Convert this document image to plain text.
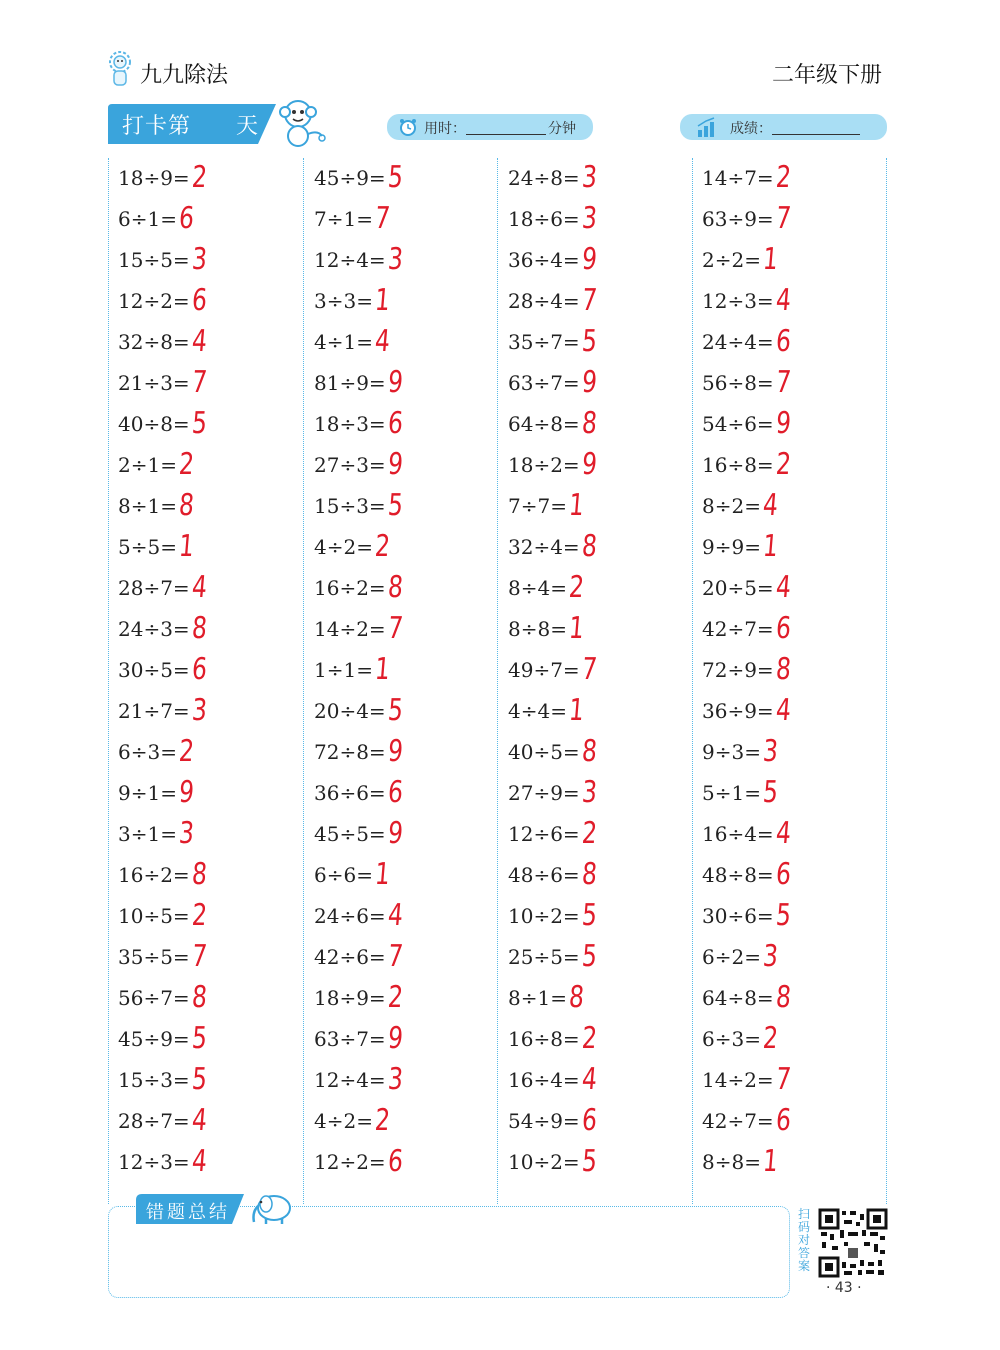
九九除法	二年级下册
打卡第 天	用时：	分钟	成绩：
18÷9= 2
6÷1= 6
15÷5= 3
12÷2= 6
32÷8= 4
21÷3= 7
40÷8= 5
2÷1= 2
8÷1= 8
5÷5= 1
28÷7= 4
24÷3= 8
30÷5= 6
21÷7= 3
6÷3= 2
9÷1= 9
3÷1= 3
16÷2= 8
10÷5= 2
35÷5= 7
56÷7= 8
45÷9= 5
15÷3= 5
28÷7= 4
12÷3= 4
45÷9= 5
7÷1= 7
12÷4= 3
3÷3= 1
4÷1= 4
81÷9= 9
18÷3= 6
27÷3= 9
15÷3= 5
4÷2= 2
16÷2= 8
14÷2= 7
1÷1= 1
20÷4= 5
72÷8= 9
36÷6= 6
45÷5= 9
6÷6= 1
24÷6= 4
42÷6= 7
18÷9= 2
63÷7= 9
12÷4= 3
4÷2= 2
12÷2= 6
24÷8= 3
18÷6= 3
36÷4= 9
28÷4= 7
35÷7= 5
63÷7= 9
64÷8= 8
18÷2= 9
7÷7= 1
32÷4= 8
8÷4= 2
8÷8= 1
49÷7= 7
4÷4= 1
40÷5= 8
27÷9= 3
12÷6= 2
48÷6= 8
10÷2= 5
25÷5= 5
8÷1= 8
16÷8= 2
16÷4= 4
54÷9= 6
10÷2= 5
14÷7= 2
63÷9= 7
2÷2= 1
12÷3= 4
24÷4= 6
56÷8= 7
54÷6= 9
16÷8= 2
8÷2= 4
9÷9= 1
20÷5= 4
42÷7= 6
72÷9= 8
36÷9= 4
9÷3= 3
5÷1= 5
16÷4= 4
48÷8= 6
30÷6= 5
6÷2= 3
64÷8= 8
6÷3= 2
14÷2= 7
42÷7= 6
8÷8= 1
错题总结	扫码对答案
· 43 ·
